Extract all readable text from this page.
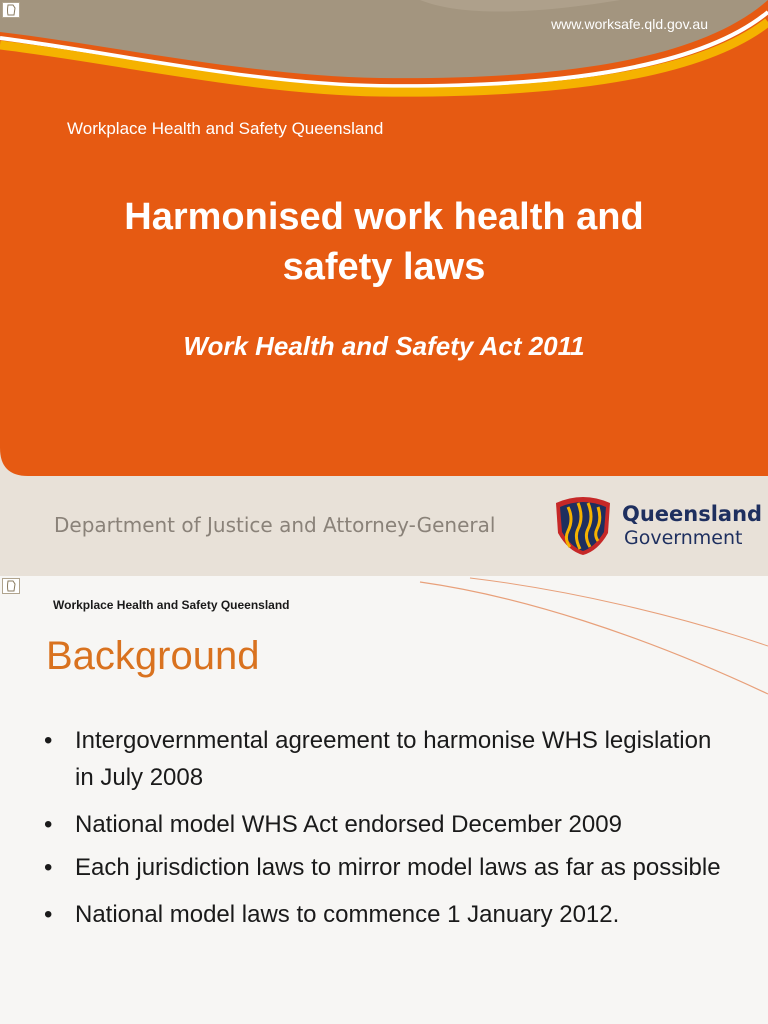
www.worksafe.qld.gov.au
Workplace Health and Safety Queensland
Harmonised work health and
safety laws
Work Health and Safety Act 2011
Department of Justice and Attorney-General	Queensland
Government
Workplace Health and Safety Queensland
Background
• Intergovernmental agreement to harmonise WHS legislation in July 2008
• National model WHS Act endorsed December 2009
• Each jurisdiction laws to mirror model laws as far as possible
• National model laws to commence 1 January 2012.
